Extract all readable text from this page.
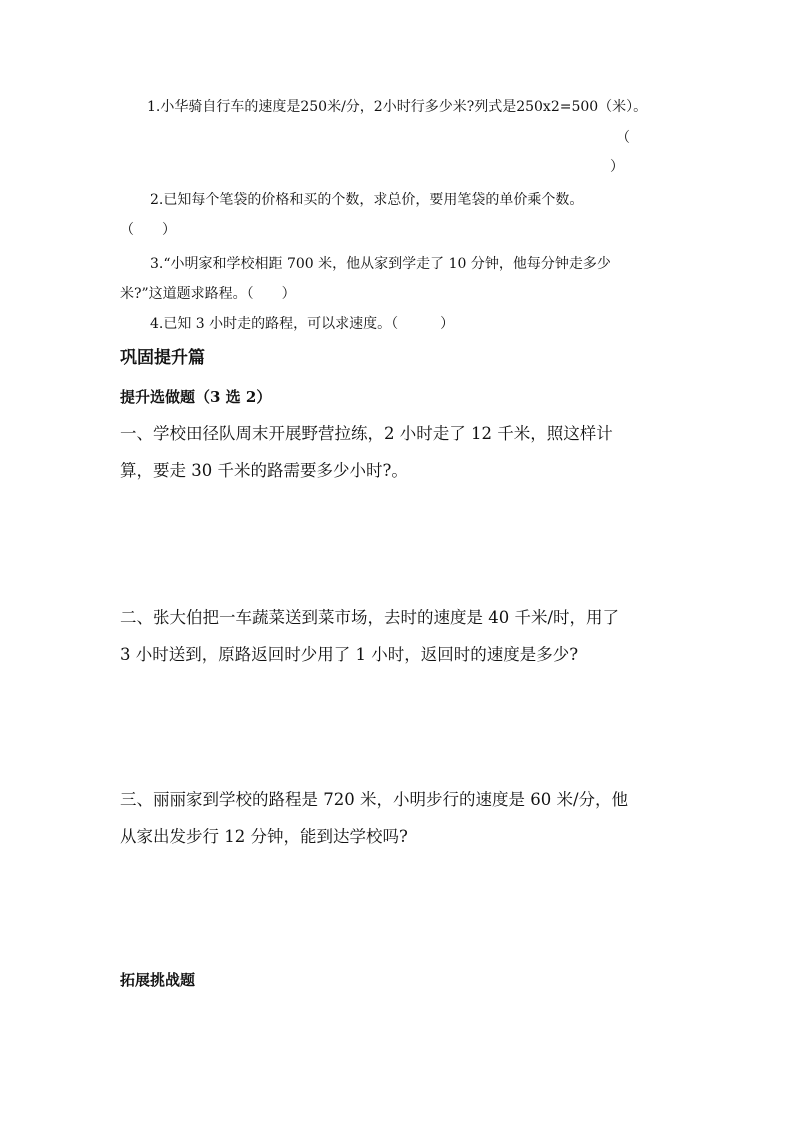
1.小华骑自行车的速度是250米/分，2小时行多少米?列式是250x2=500（米）。
（
）
2.已知每个笔袋的价格和买的个数，求总价，要用笔袋的单价乘个数。
（　　）
3.“小明家和学校相距 700 米，他从家到学走了 10 分钟，他每分钟走多少
米?”这道题求路程。（　　）
4.已知 3 小时走的路程，可以求速度。（　　　）
巩固提升篇
提升选做题（3 选 2）
一、学校田径队周末开展野营拉练，2 小时走了 12 千米，照这样计
算，要走 30 千米的路需要多少小时?。
二、张大伯把一车蔬菜送到菜市场，去时的速度是 40 千米/时，用了
3 小时送到，原路返回时少用了 1 小时，返回时的速度是多少?
三、丽丽家到学校的路程是 720 米，小明步行的速度是 60 米/分，他
从家出发步行 12 分钟，能到达学校吗?
拓展挑战题
